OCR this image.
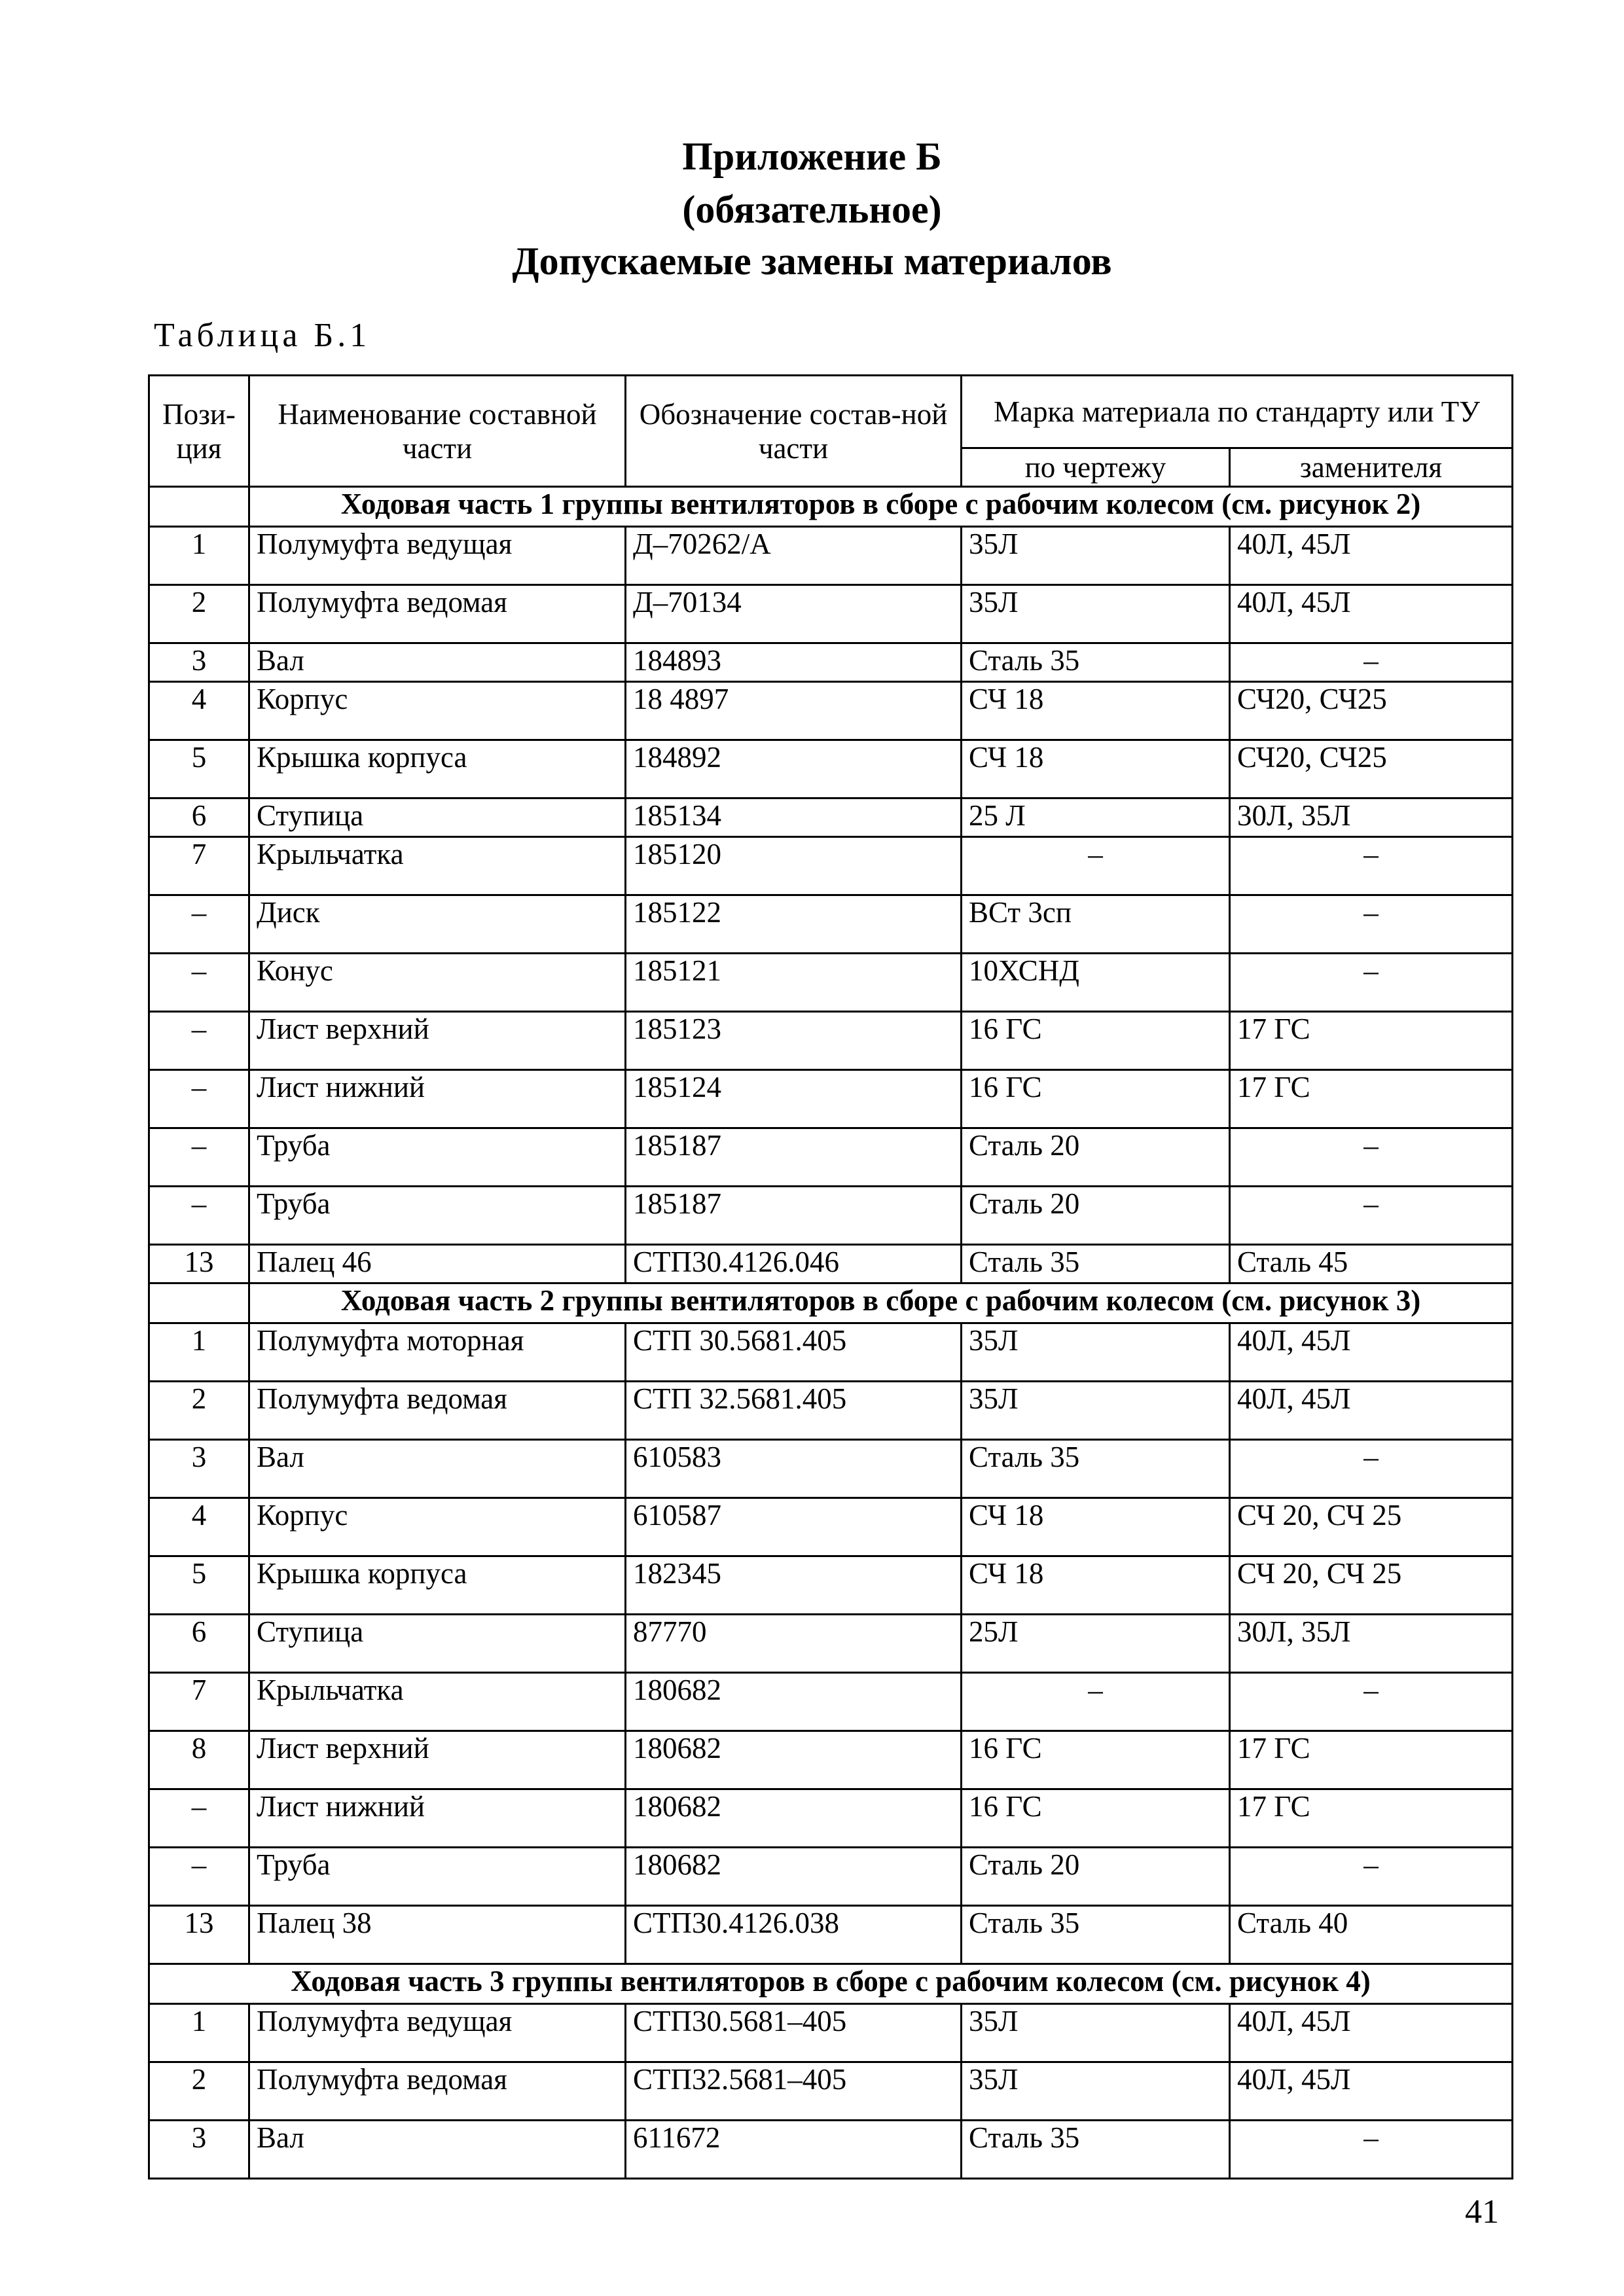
Приложение Б
(обязательное)
Допускаемые замены материалов
Таблица Б.1
Пози-ция	Наименование составной части	Обозначение состав-ной части	Марка материала по стандарту или ТУ	
			по чертежу	заменителя
	Ходовая часть 1 группы вентиляторов в сборе с рабочим колесом (см. рисунок 2)			
1	Полумуфта ведущая	Д–70262/А	35Л	40Л, 45Л
2	Полумуфта ведомая	Д–70134	35Л	40Л, 45Л
3	Вал	184893	Сталь 35	–
4	Корпус	18 4897	СЧ 18	СЧ20, СЧ25
5	Крышка корпуса	184892	СЧ 18	СЧ20, СЧ25
6	Ступица	185134	25 Л	30Л, 35Л
7	Крыльчатка	185120	–	–
–	Диск	185122	ВСт 3сп	–
–	Конус	185121	10ХСНД	–
–	Лист верхний	185123	16 ГС	17 ГС
–	Лист нижний	185124	16 ГС	17 ГС
–	Труба	185187	Сталь 20	–
–	Труба	185187	Сталь 20	–
13	Палец 46	СТП30.4126.046	Сталь 35	Сталь 45
	Ходовая часть 2 группы вентиляторов в сборе с рабочим колесом (см. рисунок 3)			
1	Полумуфта моторная	СТП 30.5681.405	35Л	40Л, 45Л
2	Полумуфта ведомая	СТП 32.5681.405	35Л	40Л, 45Л
3	Вал	610583	Сталь 35	–
4	Корпус	610587	СЧ 18	СЧ 20, СЧ 25
5	Крышка корпуса	182345	СЧ 18	СЧ 20, СЧ 25
6	Ступица	87770	25Л	30Л, 35Л
7	Крыльчатка	180682	–	–
8	Лист верхний	180682	16 ГС	17 ГС
–	Лист нижний	180682	16 ГС	17 ГС
–	Труба	180682	Сталь 20	–
13	Палец 38	СТП30.4126.038	Сталь 35	Сталь 40
Ходовая часть 3 группы вентиляторов в сборе с рабочим колесом (см. рисунок 4)				
1	Полумуфта ведущая	СТП30.5681–405	35Л	40Л, 45Л
2	Полумуфта ведомая	СТП32.5681–405	35Л	40Л, 45Л
3	Вал	611672	Сталь 35	–
41
